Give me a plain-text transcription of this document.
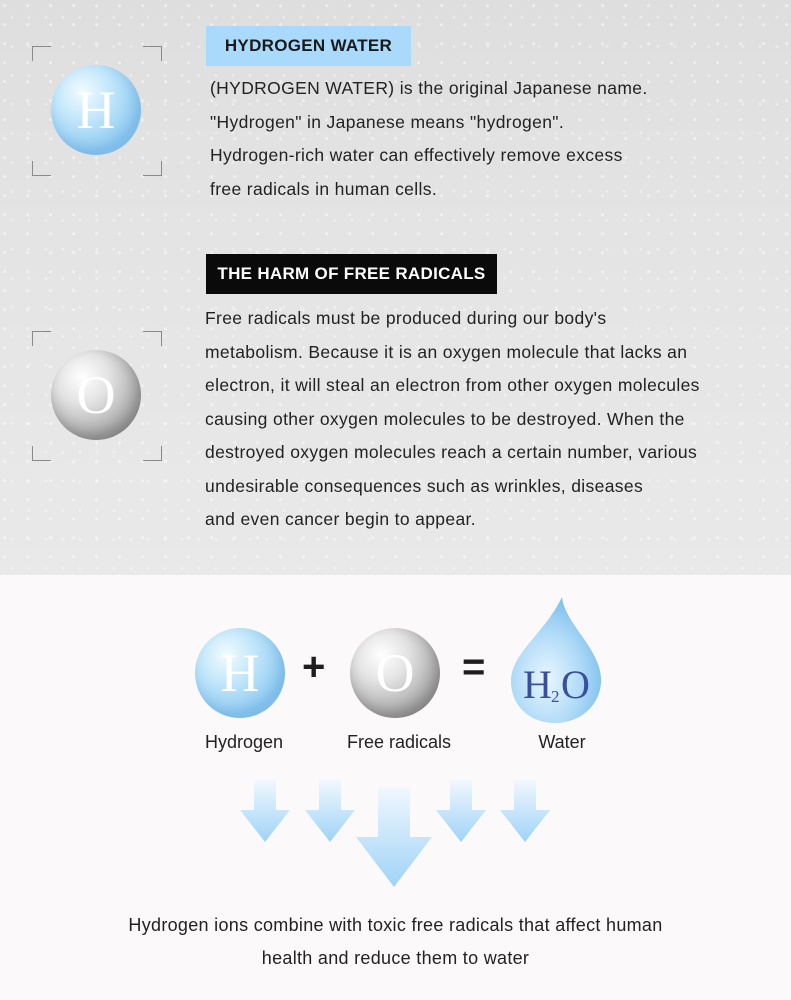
H
HYDROGEN WATER
(HYDROGEN WATER) is the original Japanese name.
"Hydrogen" in Japanese means "hydrogen".
Hydrogen-rich water can effectively remove excess
free radicals in human cells.
O
THE HARM OF FREE RADICALS
Free radicals must be produced during our body's
metabolism. Because it is an oxygen molecule that lacks an
electron, it will steal an electron from other oxygen molecules
causing other oxygen molecules to be destroyed. When the
destroyed oxygen molecules reach a certain number, various
undesirable consequences such as wrinkles, diseases
and even cancer begin to appear.
H + O = H 2 O
Hydrogen	Free radicals	Water
Hydrogen ions combine with toxic free radicals that affect human
health and reduce them to water
